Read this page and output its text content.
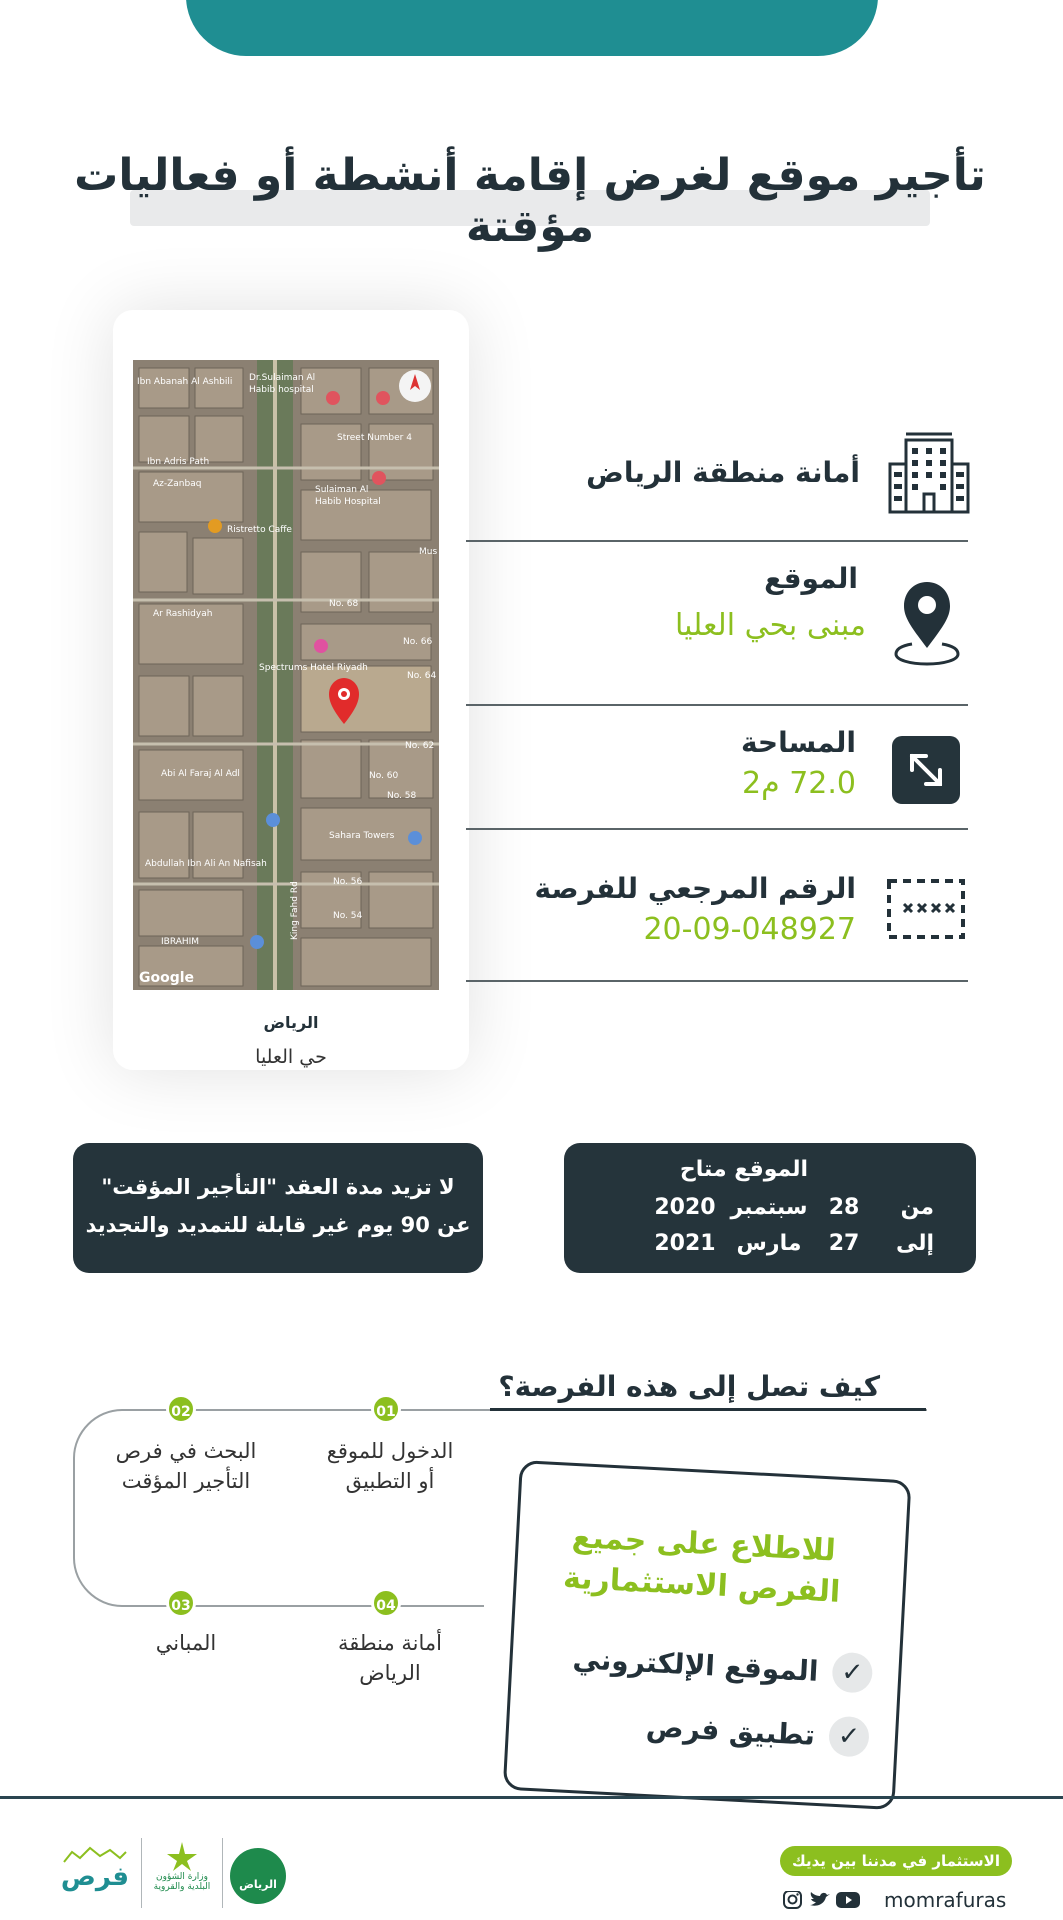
تأجير موقع لغرض إقامة أنشطة أو فعاليات مؤقتة
Dr.Sulaiman Al
Habib hospital
Street Number 4
Sulaiman Al
Habib Hospital
Ibn Abanah Al Ashbili
Ibn Adris Path
Az-Zanbaq
Ristretto Caffe
Ar Rashidyah
Spectrums Hotel Riyadh
Abi Al Faraj Al Adl
Abdullah Ibn Ali An Nafisah
Sahara Towers
No. 68
No. 66
No. 64
No. 62
No. 60
No. 58
No. 56
No. 54
Mus
IBRAHIM
King Fahd Rd
Google
الرياض
حي العليا
أمانة منطقة الرياض
الموقع
مبنى بحي العليا
المساحة
72.0 م2
الرقم المرجعي للفرصة
20-09-048927
لا تزيد مدة العقد "التأجير المؤقت"
عن 90 يوم غير قابلة للتمديد والتجديد
الموقع متاح
من
28
سبتمبر
2020
إلى
27
مارس
2021
كيف تصل إلى هذه الفرصة؟
01
الدخول للموقع
أو التطبيق
02
البحث في فرص
التأجير المؤقت
03
المباني
04
أمانة منطقة
الرياض
للاطلاع على جميع
الفرص الاستثمارية
✓
الموقع الإلكتروني
✓
تطبيق فرص
الرياض
وزارة الشؤون
البلدية والقروية
فرص
الاستثمار في مدننا بين يديك
momrafuras
